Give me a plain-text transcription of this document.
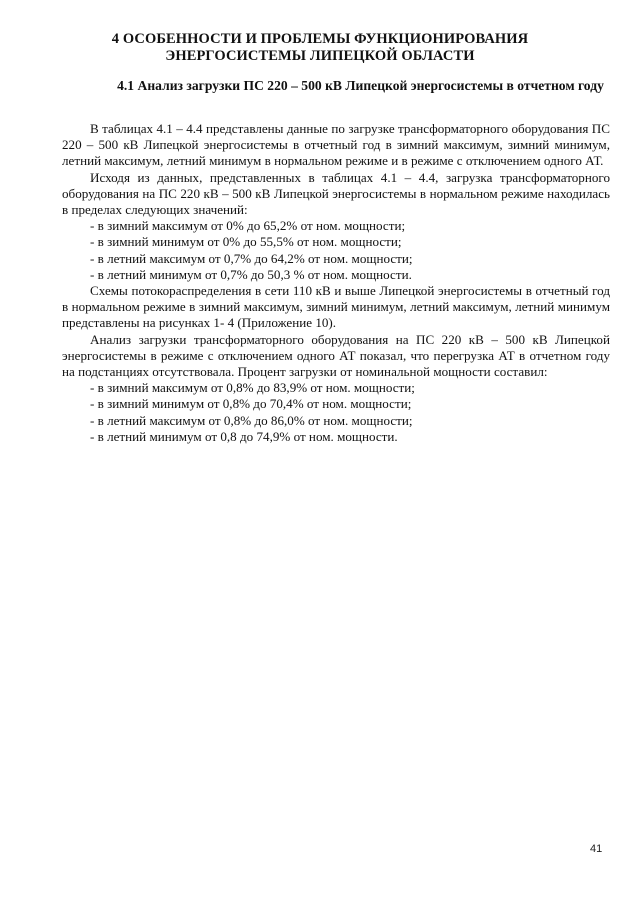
4 ОСОБЕННОСТИ И ПРОБЛЕМЫ ФУНКЦИОНИРОВАНИЯ ЭНЕРГОСИСТЕМЫ ЛИПЕЦКОЙ ОБЛАСТИ
4.1 Анализ загрузки ПС 220 – 500 кВ Липецкой энергосистемы в отчетном году

В таблицах 4.1 – 4.4 представлены данные по загрузке трансформаторного оборудования ПС 220 – 500 кВ Липецкой энергосистемы в отчетный год в зимний максимум, зимний минимум, летний максимум, летний минимум в нормальном режиме и в режиме с отключением одного АТ.

Исходя из данных, представленных в таблицах 4.1 – 4.4, загрузка трансформаторного оборудования на ПС 220 кВ – 500 кВ Липецкой энергосистемы в нормальном режиме находилась в пределах следующих значений:

- в зимний максимум от 0% до 65,2% от ном. мощности;

- в зимний минимум от 0% до 55,5% от ном. мощности;

- в летний максимум от 0,7% до 64,2% от ном. мощности;

- в летний минимум от 0,7% до 50,3 % от ном. мощности.

Схемы потокораспределения в сети 110 кВ и выше Липецкой энергосистемы в отчетный год в нормальном режиме в зимний максимум, зимний минимум, летний максимум, летний минимум представлены на рисунках 1- 4 (Приложение 10).

Анализ загрузки трансформаторного оборудования на ПС 220 кВ – 500 кВ Липецкой энергосистемы в режиме с отключением одного АТ показал, что перегрузка АТ в отчетном году на подстанциях отсутствовала. Процент загрузки от номинальной мощности составил:

- в зимний максимум от 0,8% до 83,9% от ном. мощности;

- в зимний минимум от 0,8% до 70,4% от ном. мощности;

- в летний максимум от 0,8% до 86,0% от ном. мощности;

- в летний минимум от 0,8 до 74,9% от ном. мощности.

41
